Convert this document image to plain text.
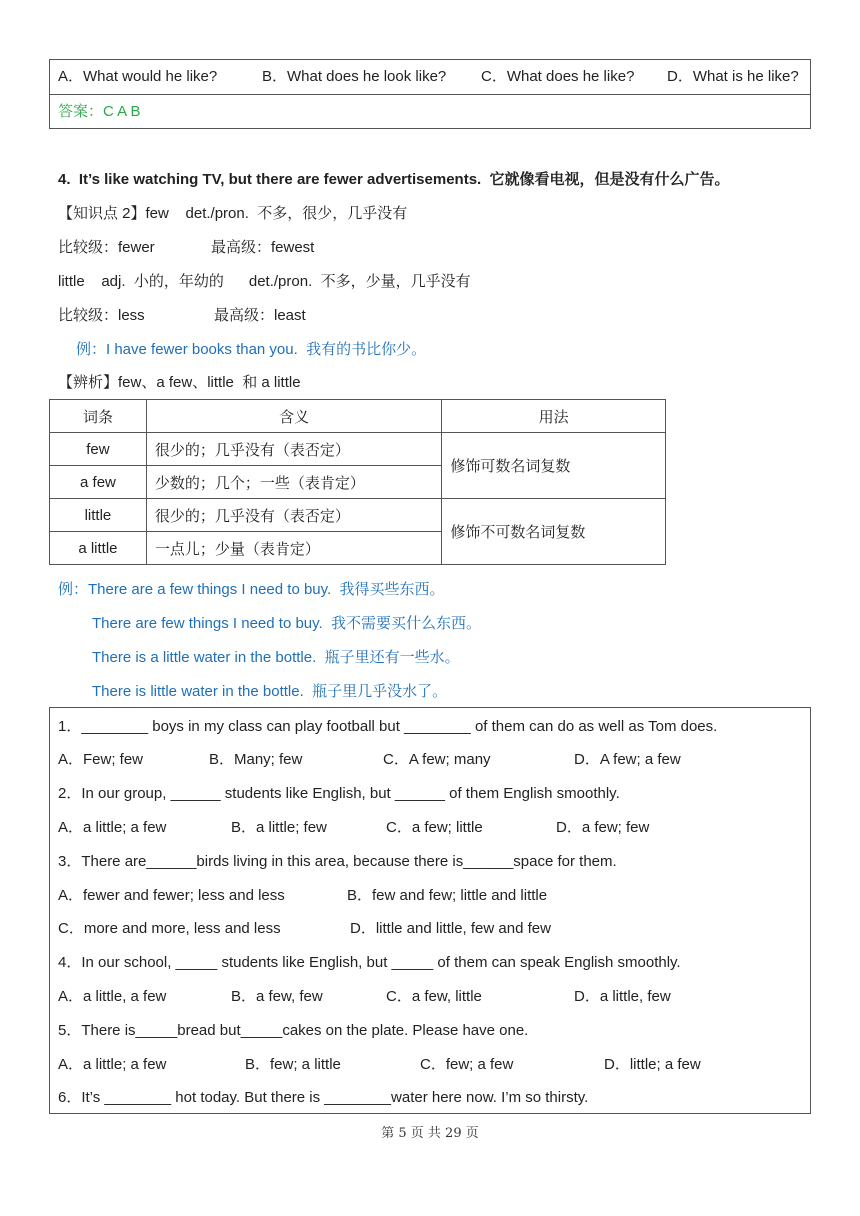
A．What would he like?	B．What does he look like? C．What does he like? D．What is he like?
答案：C A B
4.  It’s like watching TV, but there are fewer advertisements.  它就像看电视，但是没有什么广告。
【知识点 2】few    det./pron.  不多，很少，几乎没有
比较级：fewer	最高级：fewest
little    adj.  小的，年幼的      det./pron.  不多，少量，几乎没有
比较级：less	最高级：least
例：I have fewer books than you.  我有的书比你少。
【辨析】few、a few、little  和 a little
词条	含义	用法
few	很少的；几乎没有（表否定）	修饰可数名词复数
a few	少数的；几个；一些（表肯定）	
little	很少的；几乎没有（表否定）	修饰不可数名词复数
a little	一点儿；少量（表肯定）	
例：There are a few things I need to buy.  我得买些东西。
There are few things I need to buy.  我不需要买什么东西。
There is a little water in the bottle.  瓶子里还有一些水。
There is little water in the bottle.  瓶子里几乎没水了。
1．________ boys in my class can play football but ________ of them can do as well as Tom does.
A．Few; few	B．Many; few	C．A few; many	D．A few; a few
2．In our group, ______ students like English, but ______ of them English smoothly.
A．a little; a few	B．a little; few	C．a few; little	D．a few; few
3．There are______birds living in this area, because there is______space for them.
A．fewer and fewer; less and less	B．few and few; little and little
C．more and more, less and less	D．little and little, few and few
4．In our school, _____ students like English, but _____ of them can speak English smoothly.
A．a little, a few	B．a few, few	C．a few, little	D．a little, few
5．There is_____bread but_____cakes on the plate. Please have one.
A．a little; a few	B．few; a little	C．few; a few	D．little; a few
6．It’s ________ hot today. But there is ________water here now. I’m so thirsty.
第 5 页 共 29 页
